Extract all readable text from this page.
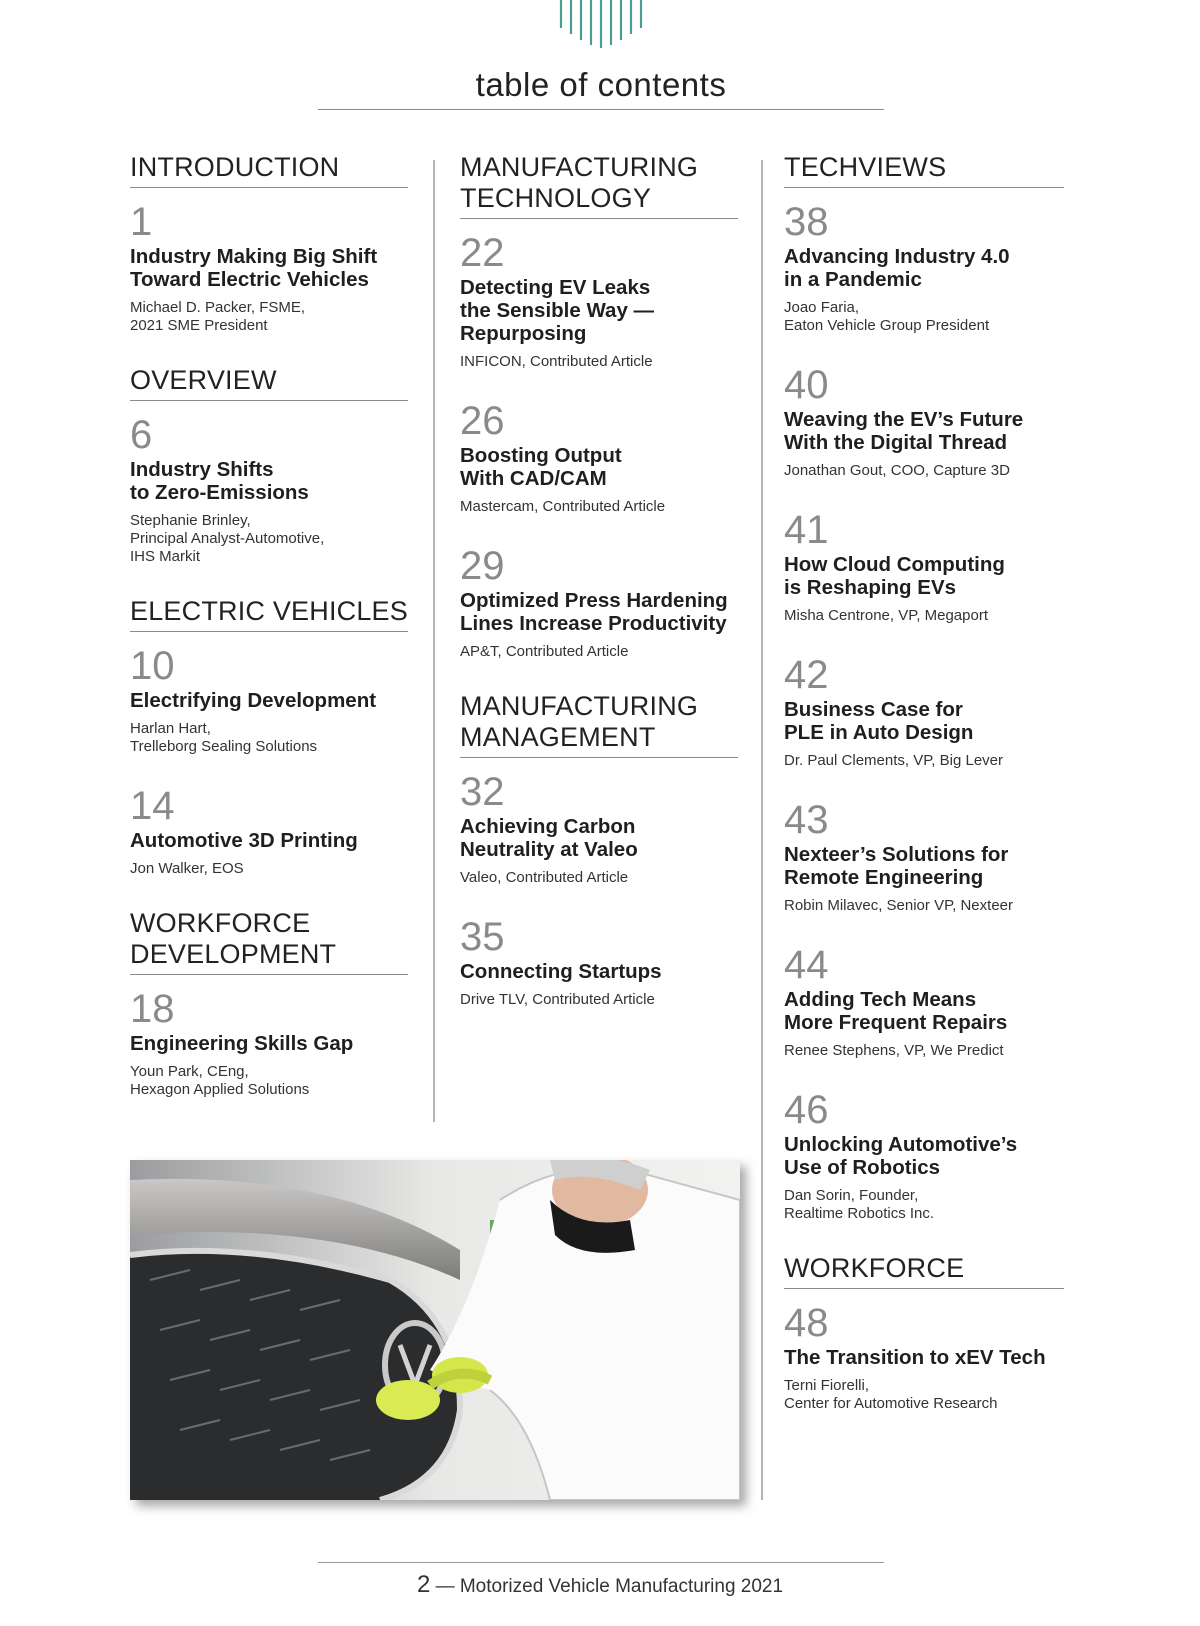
table of contents
INTRODUCTION
1
Industry Making Big Shift
Toward Electric Vehicles
Michael D. Packer, FSME,
2021 SME President
OVERVIEW
6
Industry Shifts
to Zero-Emissions
Stephanie Brinley,
Principal Analyst-Automotive,
IHS Markit
ELECTRIC VEHICLES
10
Electrifying Development
Harlan Hart,
Trelleborg Sealing Solutions
14
Automotive 3D Printing
Jon Walker, EOS
WORKFORCE
DEVELOPMENT
18
Engineering Skills Gap
Youn Park, CEng,
Hexagon Applied Solutions
MANUFACTURING
TECHNOLOGY
22
Detecting EV Leaks
the Sensible Way —
Repurposing
INFICON, Contributed Article
26
Boosting Output
With CAD/CAM
Mastercam, Contributed Article
29
Optimized Press Hardening
Lines Increase Productivity
AP&T, Contributed Article
MANUFACTURING
MANAGEMENT
32
Achieving Carbon
Neutrality at Valeo
Valeo, Contributed Article
35
Connecting Startups
Drive TLV, Contributed Article
TECHVIEWS
38
Advancing Industry 4.0
in a Pandemic
Joao Faria,
Eaton Vehicle Group President
40
Weaving the EV’s Future
With the Digital Thread
Jonathan Gout, COO, Capture 3D
41
How Cloud Computing
is Reshaping EVs
Misha Centrone, VP, Megaport
42
Business Case for
PLE in Auto Design
Dr. Paul Clements, VP, Big Lever
43
Nexteer’s Solutions for
Remote Engineering
Robin Milavec, Senior VP, Nexteer
44
Adding Tech Means
More Frequent Repairs
Renee Stephens, VP, We Predict
46
Unlocking Automotive’s
Use of Robotics
Dan Sorin, Founder,
Realtime Robotics Inc.
WORKFORCE
48
The Transition to xEV Tech
Terni Fiorelli,
Center for Automotive Research
2 — Motorized Vehicle Manufacturing 2021
